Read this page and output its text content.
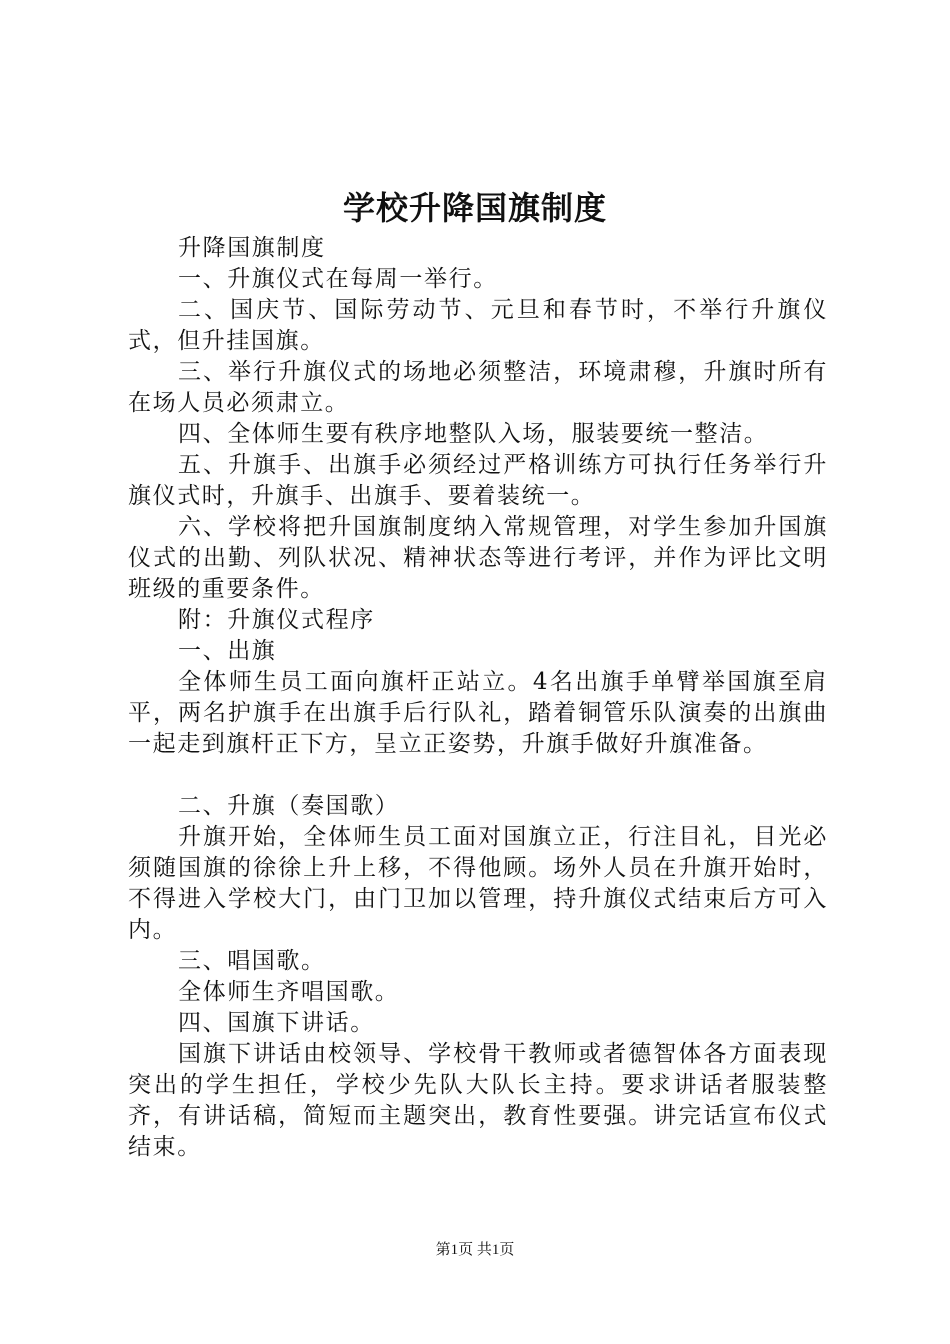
学校升降国旗制度

升降国旗制度

一、升旗仪式在每周一举行。

二、国庆节、国际劳动节、元旦和春节时，不举行升旗仪式，但升挂国旗。

三、举行升旗仪式的场地必须整洁，环境肃穆，升旗时所有在场人员必须肃立。

四、全体师生要有秩序地整队入场，服装要统一整洁。

五、升旗手、出旗手必须经过严格训练方可执行任务举行升旗仪式时，升旗手、出旗手、要着装统一。

六、学校将把升国旗制度纳入常规管理，对学生参加升国旗仪式的出勤、列队状况、精神状态等进行考评，并作为评比文明班级的重要条件。

附：升旗仪式程序

一、出旗

全体师生员工面向旗杆正站立。4名出旗手单臂举国旗至肩平，两名护旗手在出旗手后行队礼，踏着铜管乐队演奏的出旗曲一起走到旗杆正下方，呈立正姿势，升旗手做好升旗准备。

二、升旗（奏国歌）

升旗开始，全体师生员工面对国旗立正，行注目礼，目光必须随国旗的徐徐上升上移，不得他顾。场外人员在升旗开始时，不得进入学校大门，由门卫加以管理，持升旗仪式结束后方可入内。

三、唱国歌。

全体师生齐唱国歌。

四、国旗下讲话。

国旗下讲话由校领导、学校骨干教师或者德智体各方面表现突出的学生担任，学校少先队大队长主持。要求讲话者服装整齐，有讲话稿，简短而主题突出，教育性要强。讲完话宣布仪式结束。

第1页 共1页
